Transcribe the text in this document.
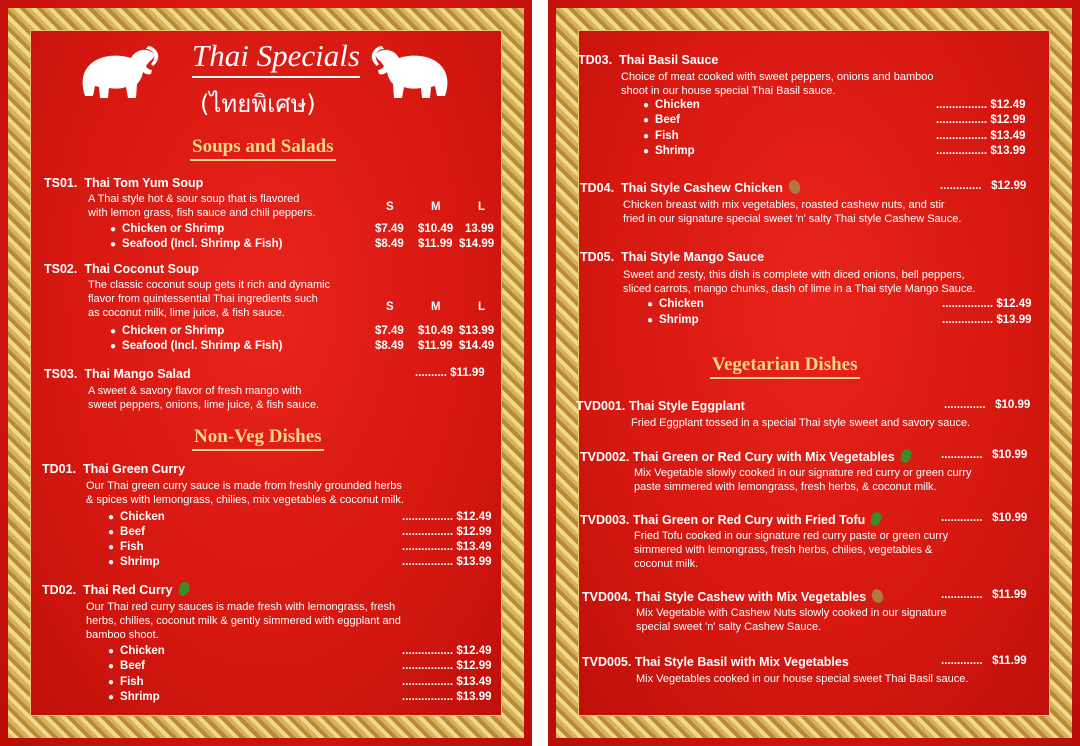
Thai Specials
(ไทยพิเศษ)
Soups and Salads
TS01. Thai Tom Yum Soup
A Thai style hot & sour soup that is flavored
with lemon grass, fish sauce and chili peppers.	S	M	L
● Chicken or Shrimp	$7.49 $10.49 13.99
● Seafood (Incl. Shrimp & Fish)	$8.49 $11.99 $14.99
TS02. Thai Coconut Soup
The classic coconut soup gets it rich and dynamic
flavor from quintessential Thai ingredients such
as coconut milk, lime juice, & fish sauce.	S	M	L
● Chicken or Shrimp	$7.49 $10.49 $13.99
● Seafood (Incl. Shrimp & Fish)	$8.49 $11.99 $14.49
TS03. Thai Mango Salad	.......... $11.99
A sweet & savory flavor of fresh mango with
sweet peppers, onions, lime juice, & fish sauce.
Non-Veg Dishes
TD01. Thai Green Curry
Our Thai green curry sauce is made from freshly grounded herbs
& spices with lemongrass, chilies, mix vegetables & coconut milk.
● Chicken	................ $12.49
● Beef	................ $12.99
● Fish	................ $13.49
● Shrimp	................ $13.99
TD02. Thai Red Curry
Our Thai red curry sauces is made fresh with lemongrass, fresh
herbs, chilies, coconut milk & gently simmered with eggplant and
bamboo shoot.
● Chicken	................ $12.49
● Beef	................ $12.99
● Fish	................ $13.49
● Shrimp	................ $13.99
TD03. Thai Basil Sauce
Choice of meat cooked with sweet peppers, onions and bamboo
shoot in our house special Thai Basil sauce.
● Chicken	................ $12.49
● Beef	................ $12.99
● Fish	................ $13.49
● Shrimp	................ $13.99
TD04. Thai Style Cashew Chicken	............. $12.99
Chicken breast with mix vegetables, roasted cashew nuts, and stir
fried in our signature special sweet 'n' salty Thai style Cashew Sauce.
TD05. Thai Style Mango Sauce
Sweet and zesty, this dish is complete with diced onions, bell peppers,
sliced carrots, mango chunks, dash of lime in a Thai style Mango Sauce.
● Chicken	................ $12.49
● Shrimp	................ $13.99
Vegetarian Dishes
TVD001. Thai Style Eggplant	............. $10.99
Fried Eggplant tossed in a special Thai style sweet and savory sauce.
TVD002. Thai Green or Red Cury with Mix Vegetables	............. $10.99
Mix Vegetable slowly cooked in our signature red curry or green curry
paste simmered with lemongrass, fresh herbs, & coconut milk.
TVD003. Thai Green or Red Cury with Fried Tofu	............. $10.99
Fried Tofu cooked in our signature red curry paste or green curry
simmered with lemongrass, fresh herbs, chilies, vegetables &
coconut milk.
TVD004. Thai Style Cashew with Mix Vegetables	............. $11.99
Mix Vegetable with Cashew Nuts slowly cooked in our signature
special sweet 'n' salty Cashew Sauce.
TVD005. Thai Style Basil with Mix Vegetables	............. $11.99
Mix Vegetables cooked in our house special sweet Thai Basil sauce.
